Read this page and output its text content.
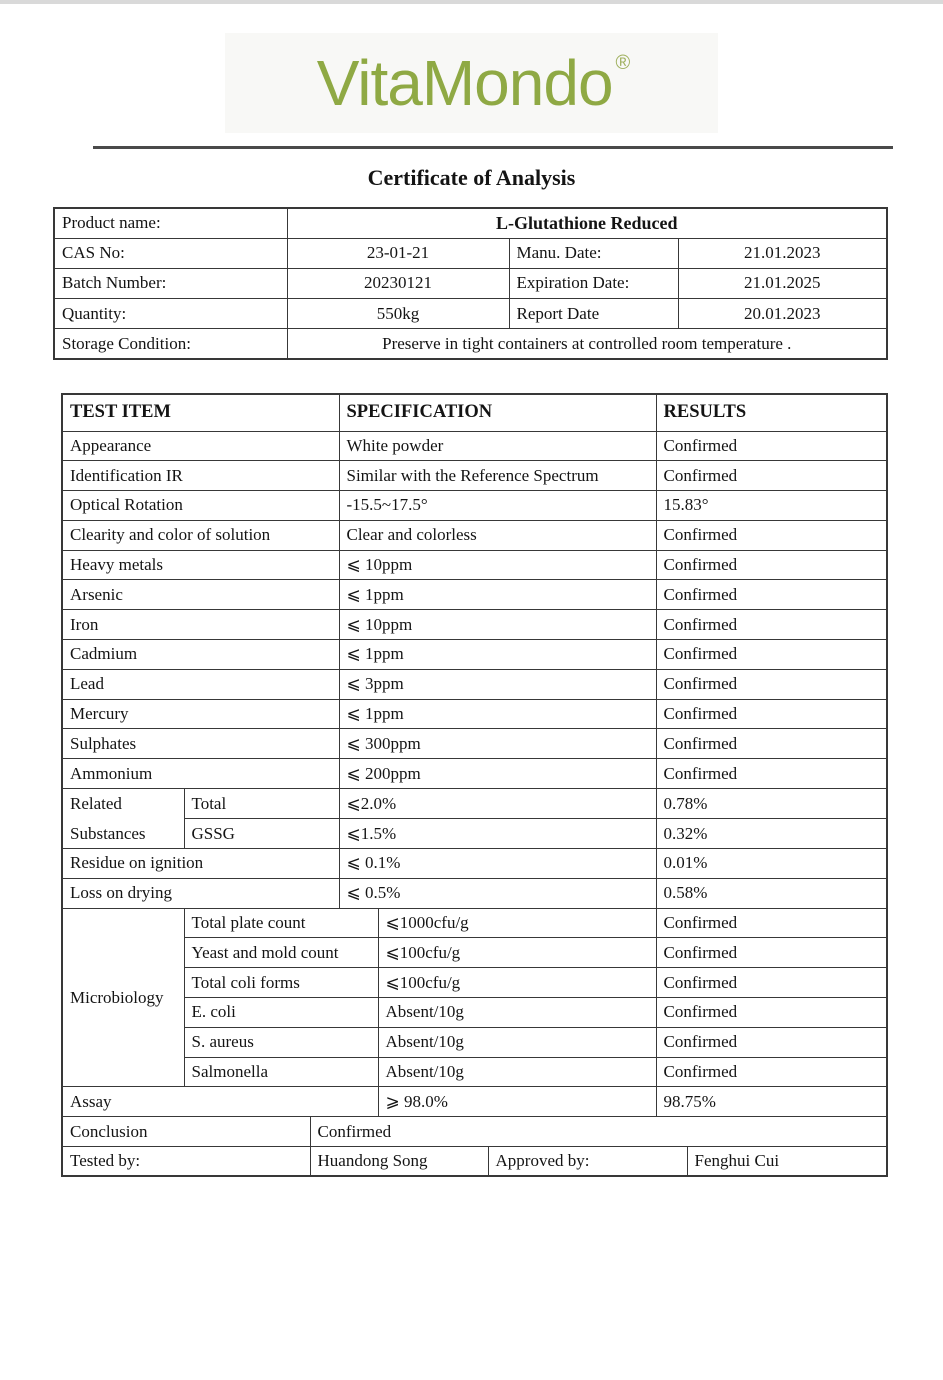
VitaMondo ®
Certificate of Analysis
Product name:	L-Glutathione Reduced		
CAS No:	23-01-21	Manu. Date:	21.01.2023
Batch Number:	20230121	Expiration Date:	21.01.2025
Quantity:	550kg	Report Date	20.01.2023
Storage Condition:	Preserve in tight containers at controlled room temperature .		
TEST ITEM			SPECIFICATION			RESULTS	
Appearance			White powder			Confirmed	
Identification IR			Similar with the Reference Spectrum			Confirmed	
Optical Rotation			-15.5~17.5°			15.83°	
Clearity and color of solution			Clear and colorless			Confirmed	
Heavy metals			⩽ 10ppm			Confirmed	
Arsenic			⩽ 1ppm			Confirmed	
Iron			⩽ 10ppm			Confirmed	
Cadmium			⩽ 1ppm			Confirmed	
Lead			⩽ 3ppm			Confirmed	
Mercury			⩽ 1ppm			Confirmed	
Sulphates			⩽ 300ppm			Confirmed	
Ammonium			⩽ 200ppm			Confirmed	
Related Substances	Total		⩽2.0%			0.78%	
	GSSG		⩽1.5%			0.32%	
Residue on ignition			⩽ 0.1%			0.01%	
Loss on drying			⩽ 0.5%			0.58%	
Microbiology	Total plate count			⩽1000cfu/g		Confirmed	
	Yeast and mold count			⩽100cfu/g		Confirmed	
	Total coli forms			⩽100cfu/g		Confirmed	
	E. coli			Absent/10g		Confirmed	
	S. aureus			Absent/10g		Confirmed	
	Salmonella			Absent/10g		Confirmed	
Assay				⩾ 98.0%		98.75%	
Conclusion		Confirmed					
Tested by:		Huandong Song			Approved by:		Fenghui Cui
